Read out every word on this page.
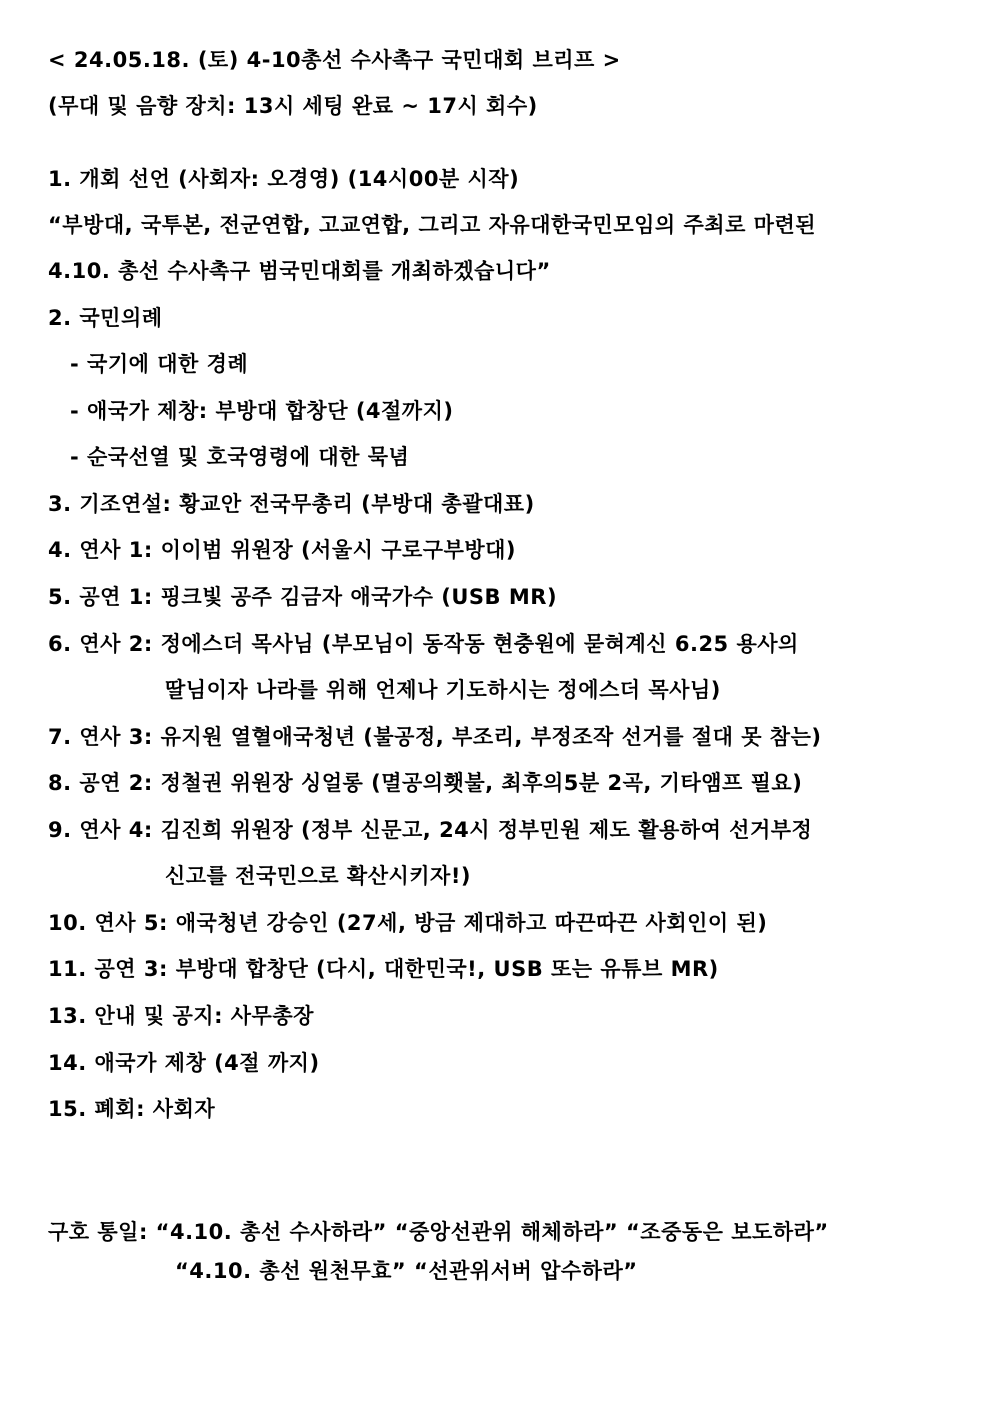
< 24.05.18. (토) 4-10총선 수사촉구 국민대회 브리프 >
(무대 및 음향 장치: 13시 세팅 완료 ~ 17시 회수)
1. 개회 선언 (사회자: 오경영) (14시00분 시작)
“부방대, 국투본, 전군연합, 고교연합, 그리고 자유대한국민모임의 주최로 마련된
4.10. 총선 수사촉구 범국민대회를 개최하겠습니다”
2. 국민의례
- 국기에 대한 경례
- 애국가 제창: 부방대 합창단 (4절까지)
- 순국선열 및 호국영령에 대한 묵념
3. 기조연설: 황교안 전국무총리 (부방대 총괄대표)
4. 연사 1: 이이범 위원장 (서울시 구로구부방대)
5. 공연 1: 핑크빛 공주 김금자 애국가수 (USB MR)
6. 연사 2: 정에스더 목사님 (부모님이 동작동 현충원에 묻혀계신 6.25 용사의
딸님이자 나라를 위해 언제나 기도하시는 정에스더 목사님)
7. 연사 3: 유지원 열혈애국청년 (불공정, 부조리, 부정조작 선거를 절대 못 참는)
8. 공연 2: 정철권 위원장 싱얼롱 (멸공의횃불, 최후의5분 2곡, 기타앰프 필요)
9. 연사 4: 김진희 위원장 (정부 신문고, 24시 정부민원 제도 활용하여 선거부정
신고를 전국민으로 확산시키자!)
10. 연사 5: 애국청년 강승인 (27세, 방금 제대하고 따끈따끈 사회인이 된)
11. 공연 3: 부방대 합창단 (다시, 대한민국!, USB 또는 유튜브 MR)
13. 안내 및 공지: 사무총장
14. 애국가 제창 (4절 까지)
15. 폐회: 사회자
구호 통일: “4.10. 총선 수사하라” “중앙선관위 해체하라” “조중동은 보도하라”
“4.10. 총선 원천무효” “선관위서버 압수하라”
